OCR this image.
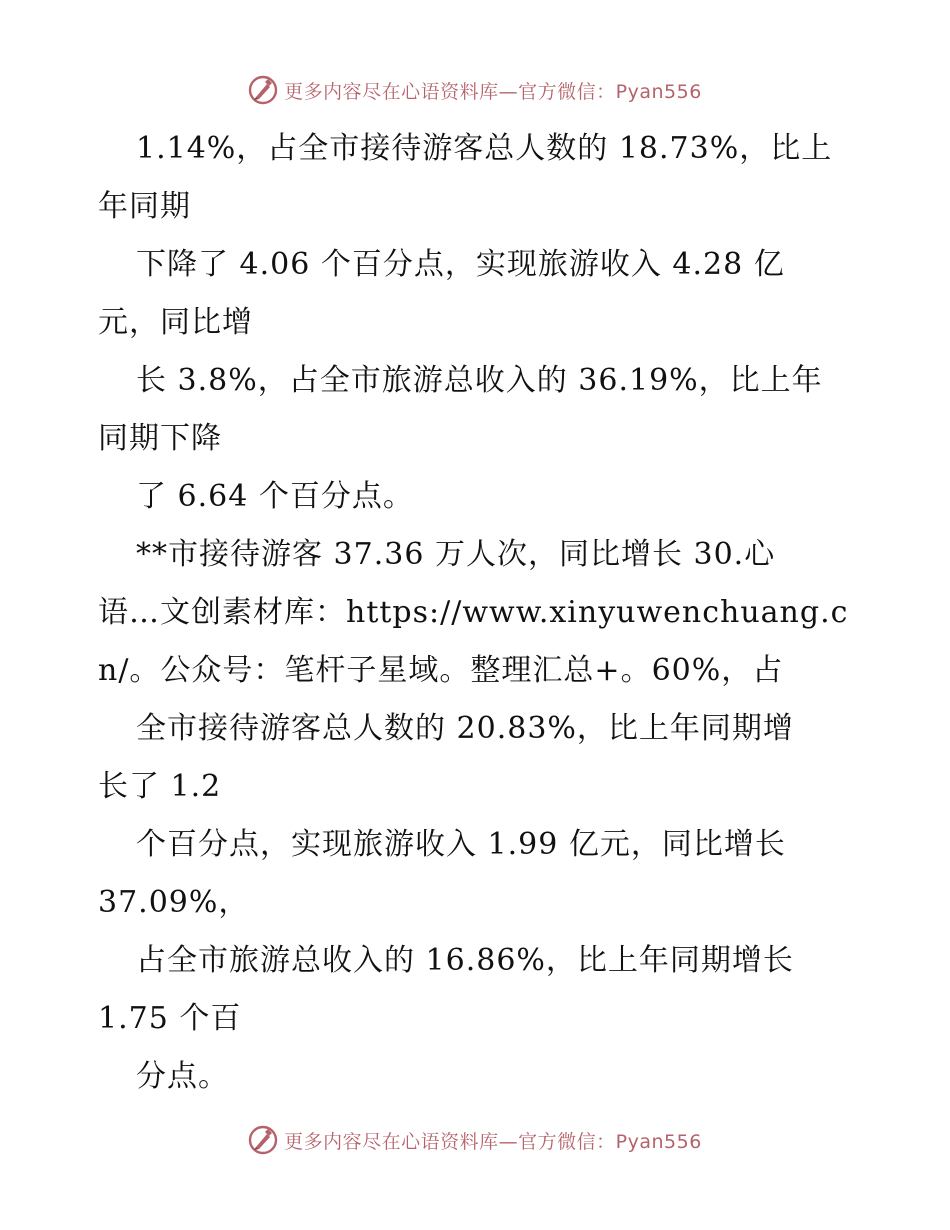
更多内容尽在心语资料库—官方微信：Pyan556
1.14%，占全市接待游客总人数的 18.73%，比上
年同期
下降了 4.06 个百分点，实现旅游收入 4.28 亿
元，同比增
长 3.8%，占全市旅游总收入的 36.19%，比上年
同期下降
了 6.64 个百分点。
**市接待游客 37.36 万人次，同比增长 30.心
语…文创素材库：https://www.xinyuwenchuang.c
n/。公众号：笔杆子星域。整理汇总+。60%，占
全市接待游客总人数的 20.83%，比上年同期增
长了 1.2
个百分点，实现旅游收入 1.99 亿元，同比增长
37.09%，
占全市旅游总收入的 16.86%，比上年同期增长
1.75 个百
分点。
更多内容尽在心语资料库—官方微信：Pyan556
